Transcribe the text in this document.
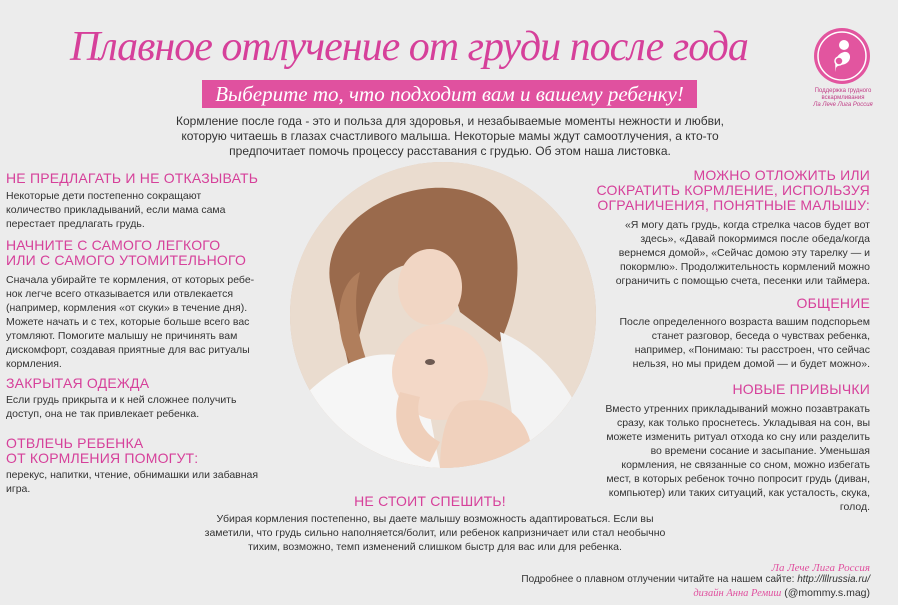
Плавное отлучение от груди после года
Выберите то, что подходит вам и вашему ребенку!	Поддержка грудного
вскармливания
Ла Лече Лига Россия
Кормление после года - это и польза для здоровья, и незабываемые моменты нежности и любви, которую читаешь в глазах счастливого малыша. Некоторые мамы ждут самоотлучения, а кто-то предпочитает помочь процессу расставания с грудью. Об этом наша листовка.
НЕ ПРЕДЛАГАТЬ И НЕ ОТКАЗЫВАТЬ
Некоторые дети постепенно сокращают количество прикладываний, если мама сама перестает предлагать грудь.
НАЧНИТЕ С САМОГО ЛЕГКОГО
ИЛИ С САМОГО УТОМИТЕЛЬНОГО
Сначала убирайте те кормления, от которых ребе-нок легче всего отказывается или отвлекается (например, кормления «от скуки» в течение дня). Можете начать и с тех, которые больше всего вас утомляют. Помогите малышу не причинять вам дискомфорт, создавая приятные для вас ритуалы кормления.
ЗАКРЫТАЯ ОДЕЖДА
Если грудь прикрыта и к ней сложнее получить доступ, она не так привлекает ребенка.
ОТВЛЕЧЬ РЕБЕНКА
ОТ КОРМЛЕНИЯ ПОМОГУТ:
перекус, напитки, чтение, обнимашки или забавная игра.
МОЖНО ОТЛОЖИТЬ ИЛИ
СОКРАТИТЬ КОРМЛЕНИЕ, ИСПОЛЬЗУЯ
ОГРАНИЧЕНИЯ, ПОНЯТНЫЕ МАЛЫШУ:
«Я могу дать грудь, когда стрелка часов будет вот здесь», «Давай покормимся после обеда/когда вернемся домой», «Сейчас домою эту тарелку — и покормлю». Продолжительность кормлений можно ограничить с помощью счета, песенки или таймера.
ОБЩЕНИЕ
После определенного возраста вашим подспорьем станет разговор, беседа о чувствах ребенка, например, «Понимаю: ты расстроен, что сейчас нельзя, но мы придем домой — и будет можно».
НОВЫЕ ПРИВЫЧКИ
Вместо утренних прикладываний можно позавтракать сразу, как только проснетесь. Укладывая на сон, вы можете изменить ритуал отхода ко сну или разделить во времени сосание и засыпание. Уменьшая кормления, не связанные со сном, можно избегать мест, в которых ребенок точно попросит грудь (диван, компьютер) или таких ситуаций, как усталость, скука, голод.
НЕ СТОИТ СПЕШИТЬ!
Убирая кормления постепенно, вы даете малышу возможность адаптироваться. Если вы заметили, что грудь сильно наполняется/болит, или ребенок капризничает или стал необычно тихим, возможно, темп изменений слишком быстр для вас или для ребенка.
Ла Лече Лига Россия
Подробнее о плавном отлучении читайте на нашем сайте: http://lllrussia.ru/
дизайн Анна Ремиш (@mommy.s.mag)
